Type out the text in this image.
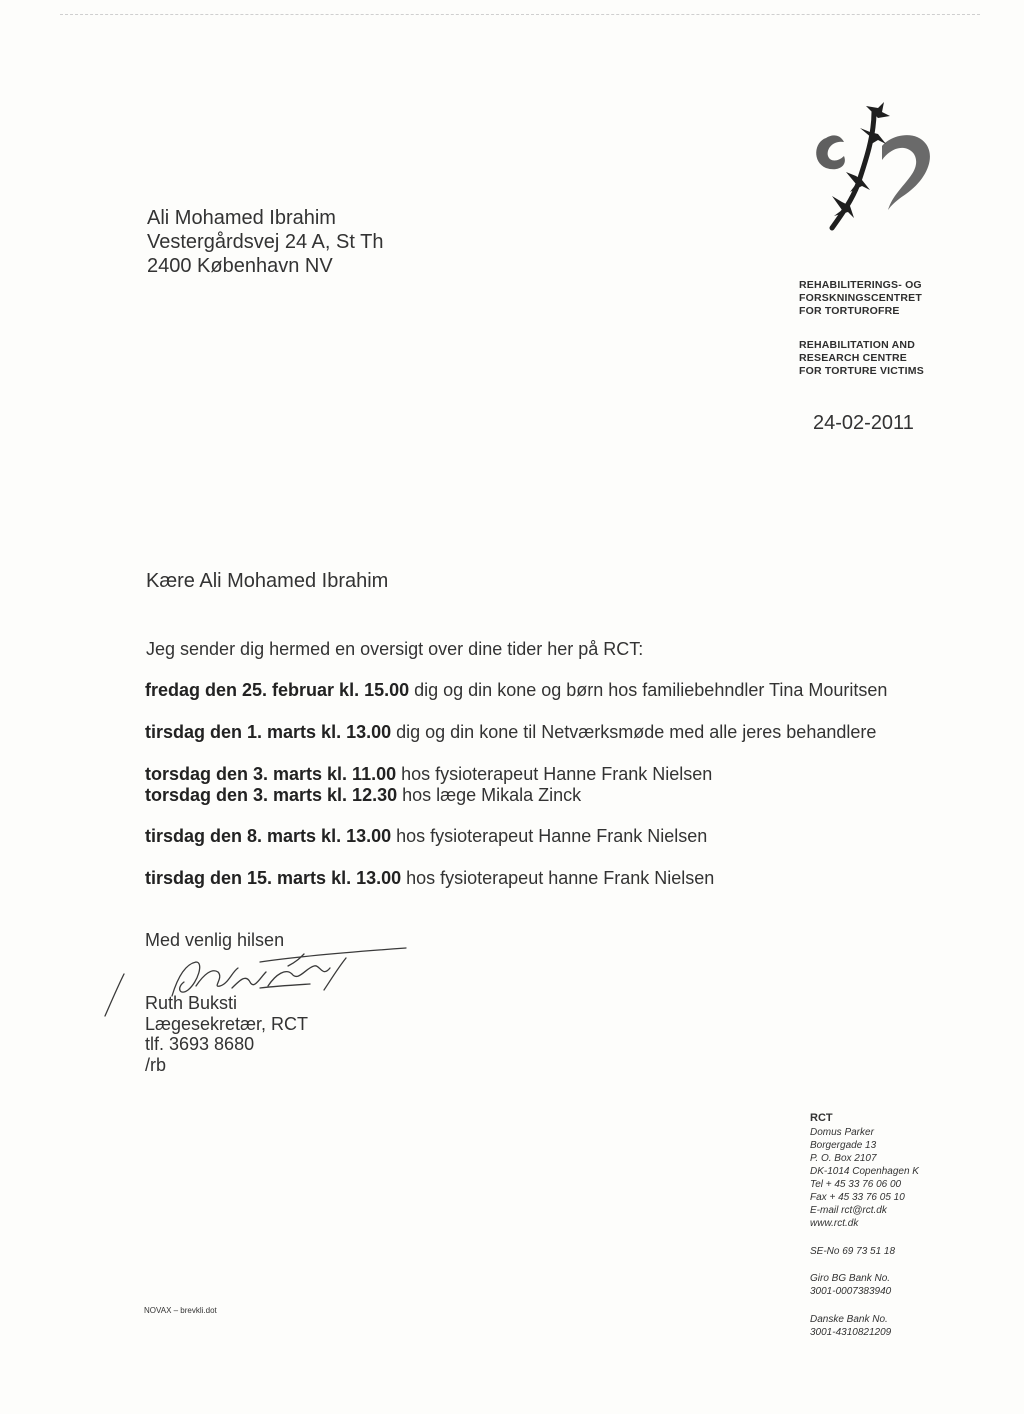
Ali Mohamed Ibrahim
Vestergårdsvej 24 A, St Th
2400 København NV
REHABILITERINGS- OG
FORSKNINGSCENTRET
FOR TORTUROFRE
REHABILITATION AND
RESEARCH CENTRE
FOR TORTURE VICTIMS
24-02-2011
Kære Ali Mohamed Ibrahim
Jeg sender dig hermed en oversigt over dine tider her på RCT:
fredag den 25. februar kl. 15.00 dig og din kone og børn hos familiebehndler Tina Mouritsen
tirsdag den 1. marts kl. 13.00 dig og din kone til Netværksmøde med alle jeres behandlere
torsdag den 3. marts kl. 11.00 hos fysioterapeut Hanne Frank Nielsen
torsdag den 3. marts kl. 12.30 hos læge Mikala Zinck
tirsdag den 8. marts kl. 13.00 hos fysioterapeut Hanne Frank Nielsen
tirsdag den 15. marts kl. 13.00 hos fysioterapeut hanne Frank Nielsen
Med venlig hilsen
Ruth Buksti
Lægesekretær, RCT
tlf. 3693 8680
/rb
NOVAX – brevkli.dot
RCT
Domus Parker
Borgergade 13
P. O. Box 2107
DK-1014 Copenhagen K
Tel + 45 33 76 06 00
Fax + 45 33 76 05 10
E-mail rct@rct.dk
www.rct.dk
SE-No 69 73 51 18
Giro BG Bank No.
3001-0007383940
Danske Bank No.
3001-4310821209
